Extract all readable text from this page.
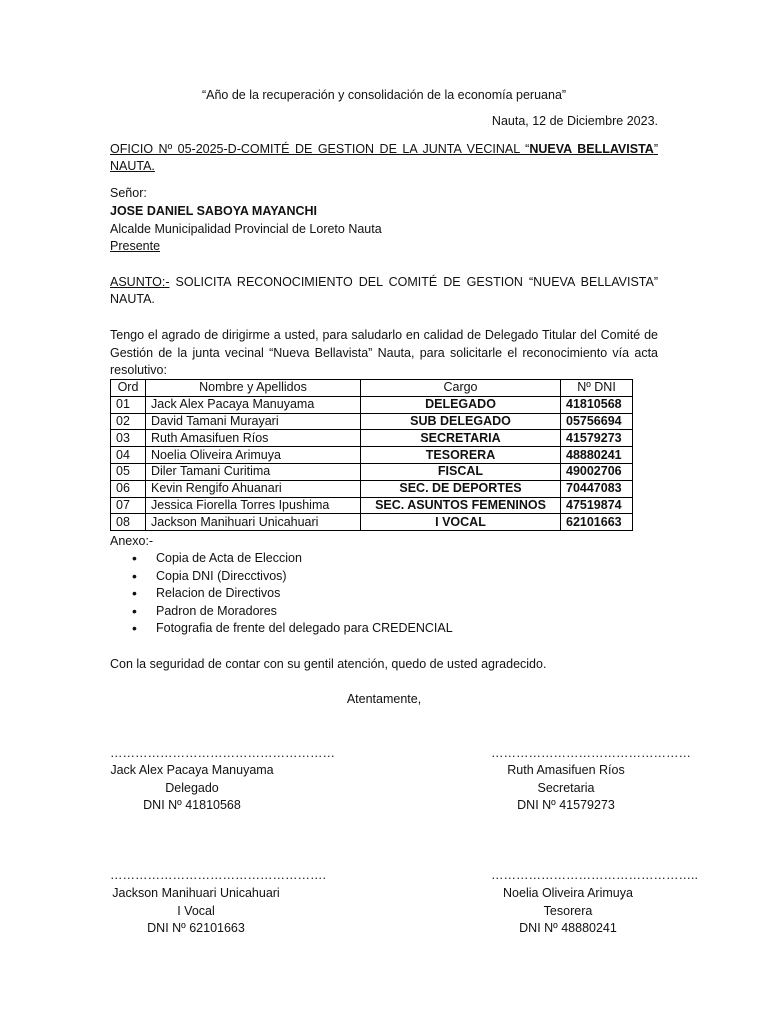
“Año de la recuperación y consolidación de la economía peruana”
Nauta, 12 de Diciembre 2023.
OFICIO Nº 05-2025-D-COMITÉ DE GESTION DE LA JUNTA VECINAL “NUEVA BELLAVISTA”
NAUTA.
Señor:
JOSE DANIEL SABOYA MAYANCHI
Alcalde Municipalidad Provincial de Loreto Nauta
Presente
ASUNTO:- SOLICITA RECONOCIMIENTO DEL COMITÉ DE GESTION “NUEVA BELLAVISTA” NAUTA.
Tengo el agrado de dirigirme a usted, para saludarlo en calidad de Delegado Titular del Comité de Gestión de la junta vecinal “Nueva Bellavista” Nauta, para solicitarle el reconocimiento vía acta resolutivo:
Ord	Nombre y Apellidos	Cargo	Nº DNI
01	Jack Alex Pacaya Manuyama	DELEGADO	41810568
02	David Tamani Murayari	SUB DELEGADO	05756694
03	Ruth Amasifuen Ríos	SECRETARIA	41579273
04	Noelia Oliveira Arimuya	TESORERA	48880241
05	Diler Tamani Curitima	FISCAL	49002706
06	Kevin Rengifo Ahuanari	SEC. DE DEPORTES	70447083
07	Jessica Fiorella Torres Ipushima	SEC. ASUNTOS FEMENINOS	47519874
08	Jackson Manihuari Unicahuari	I VOCAL	62101663
Anexo:-
• Copia de Acta de Eleccion
• Copia DNI (Direcctivos)
• Relacion de Directivos
• Padron de Moradores
• Fotografia de frente del delegado para CREDENCIAL
Con la seguridad de contar con su gentil atención, quedo de usted agradecido.
Atentamente,
………………………………………………
Jack Alex Pacaya Manuyama
Delegado
DNI Nº 41810568
…………………………………………
Ruth Amasifuen Ríos
Secretaria
DNI Nº 41579273
…………………………………………….
Jackson Manihuari Unicahuari
I Vocal
DNI Nº 62101663
…………………………………………..
Noelia Oliveira Arimuya
Tesorera
DNI Nº 48880241
